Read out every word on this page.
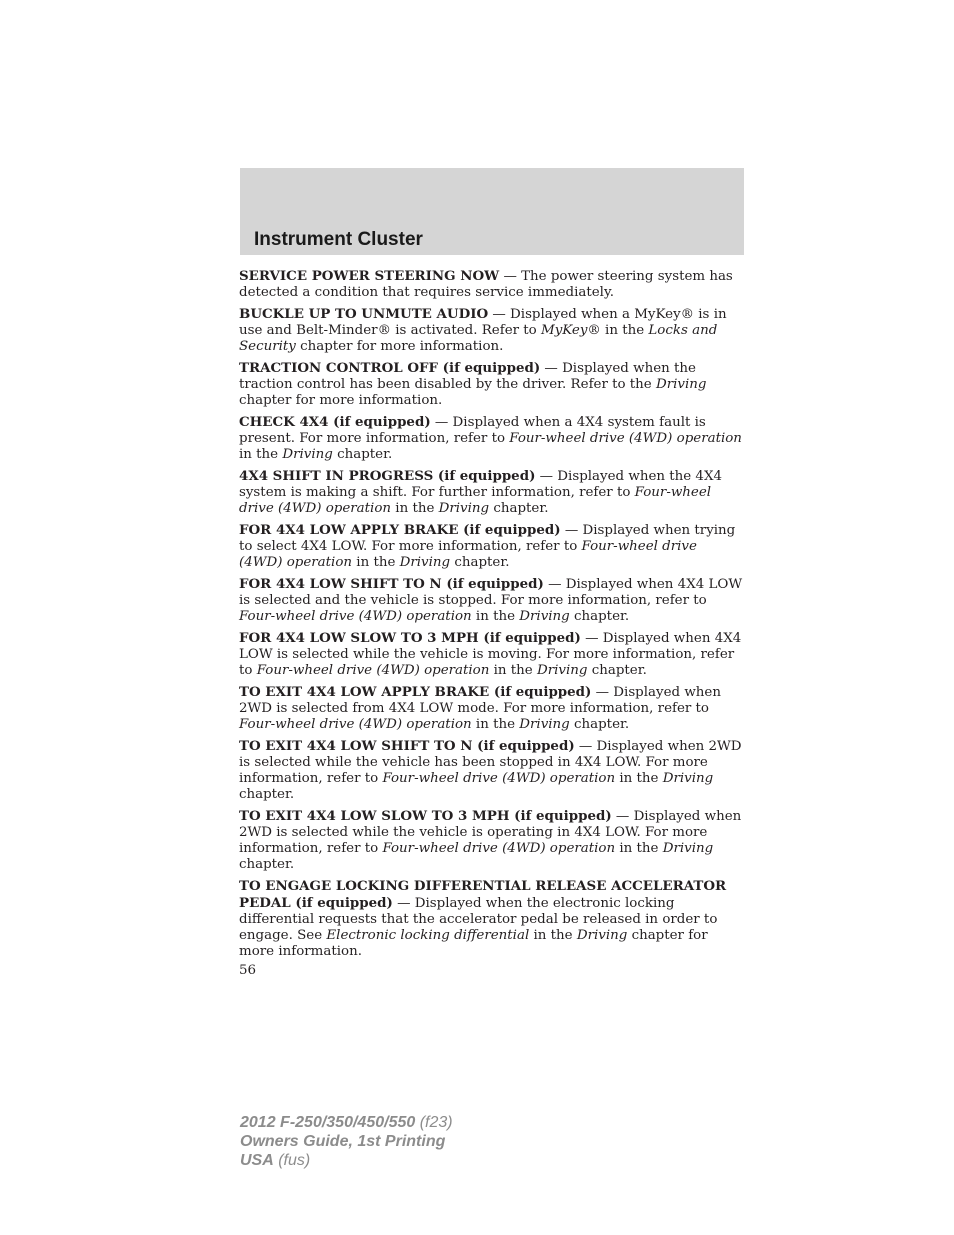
Instrument Cluster

SERVICE POWER STEERING NOW — The power steering system has detected a condition that requires service immediately.

BUCKLE UP TO UNMUTE AUDIO — Displayed when a MyKey® is in use and Belt-Minder® is activated. Refer to MyKey® in the Locks and Security chapter for more information.

TRACTION CONTROL OFF (if equipped) — Displayed when the traction control has been disabled by the driver. Refer to the Driving chapter for more information.

CHECK 4X4 (if equipped) — Displayed when a 4X4 system fault is present. For more information, refer to Four-wheel drive (4WD) operation in the Driving chapter.

4X4 SHIFT IN PROGRESS (if equipped) — Displayed when the 4X4 system is making a shift. For further information, refer to Four-wheel drive (4WD) operation in the Driving chapter.

FOR 4X4 LOW APPLY BRAKE (if equipped) — Displayed when trying to select 4X4 LOW. For more information, refer to Four-wheel drive (4WD) operation in the Driving chapter.

FOR 4X4 LOW SHIFT TO N (if equipped) — Displayed when 4X4 LOW is selected and the vehicle is stopped. For more information, refer to Four-wheel drive (4WD) operation in the Driving chapter.

FOR 4X4 LOW SLOW TO 3 MPH (if equipped) — Displayed when 4X4 LOW is selected while the vehicle is moving. For more information, refer to Four-wheel drive (4WD) operation in the Driving chapter.

TO EXIT 4X4 LOW APPLY BRAKE (if equipped) — Displayed when 2WD is selected from 4X4 LOW mode. For more information, refer to Four-wheel drive (4WD) operation in the Driving chapter.

TO EXIT 4X4 LOW SHIFT TO N (if equipped) — Displayed when 2WD is selected while the vehicle has been stopped in 4X4 LOW. For more information, refer to Four-wheel drive (4WD) operation in the Driving chapter.

TO EXIT 4X4 LOW SLOW TO 3 MPH (if equipped) — Displayed when 2WD is selected while the vehicle is operating in 4X4 LOW. For more information, refer to Four-wheel drive (4WD) operation in the Driving chapter.

TO ENGAGE LOCKING DIFFERENTIAL RELEASE ACCELERATOR PEDAL (if equipped) — Displayed when the electronic locking differential requests that the accelerator pedal be released in order to engage. See Electronic locking differential in the Driving chapter for more information.

56
2012 F-250/350/450/550 (f23)
Owners Guide, 1st Printing
USA (fus)
